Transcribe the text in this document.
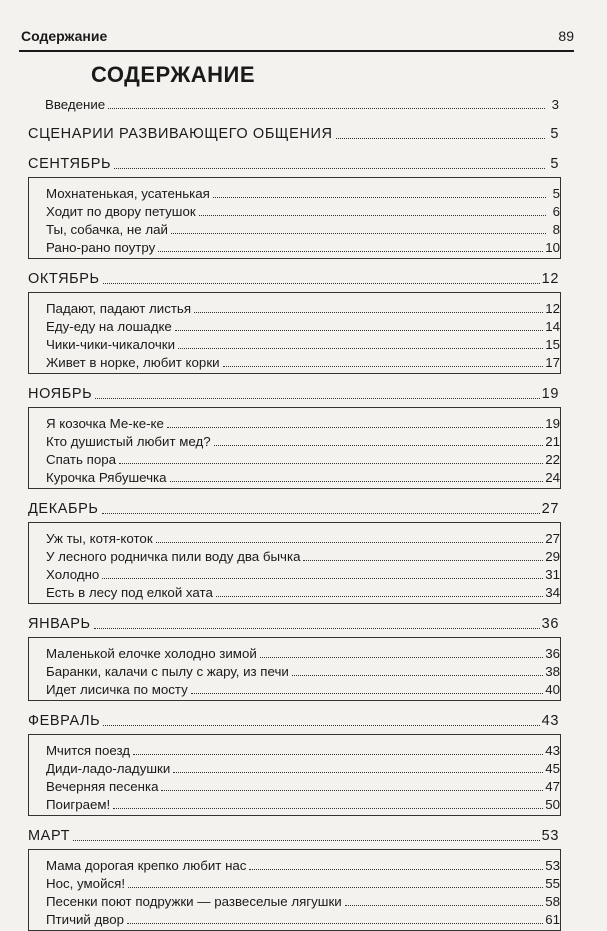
Содержание	89
СОДЕРЖАНИЕ
Введение	3
СЦЕНАРИИ РАЗВИВАЮЩЕГО ОБЩЕНИЯ	5
СЕНТЯБРЬ	5
Мохнатенькая, усатенькая	5
Ходит по двору петушок	6
Ты, собачка, не лай	8
Рано-рано поутру	10
ОКТЯБРЬ	12
Падают, падают листья	12
Еду-еду на лошадке	14
Чики-чики-чикалочки	15
Живет в норке, любит корки	17
НОЯБРЬ	19
Я козочка Ме-ке-ке	19
Кто душистый любит мед?	21
Спать пора	22
Курочка Рябушечка	24
ДЕКАБРЬ	27
Уж ты, котя-коток	27
У лесного родничка пили воду два бычка	29
Холодно	31
Есть в лесу под елкой хата	34
ЯНВАРЬ	36
Маленькой елочке холодно зимой	36
Баранки, калачи с пылу с жару, из печи	38
Идет лисичка по мосту	40
ФЕВРАЛЬ	43
Мчится поезд	43
Диди-ладо-ладушки	45
Вечерняя песенка	47
Поиграем!	50
МАРТ	53
Мама дорогая крепко любит нас	53
Нос, умойся!	55
Песенки поют подружки — развеселые лягушки	58
Птичий двор	61
